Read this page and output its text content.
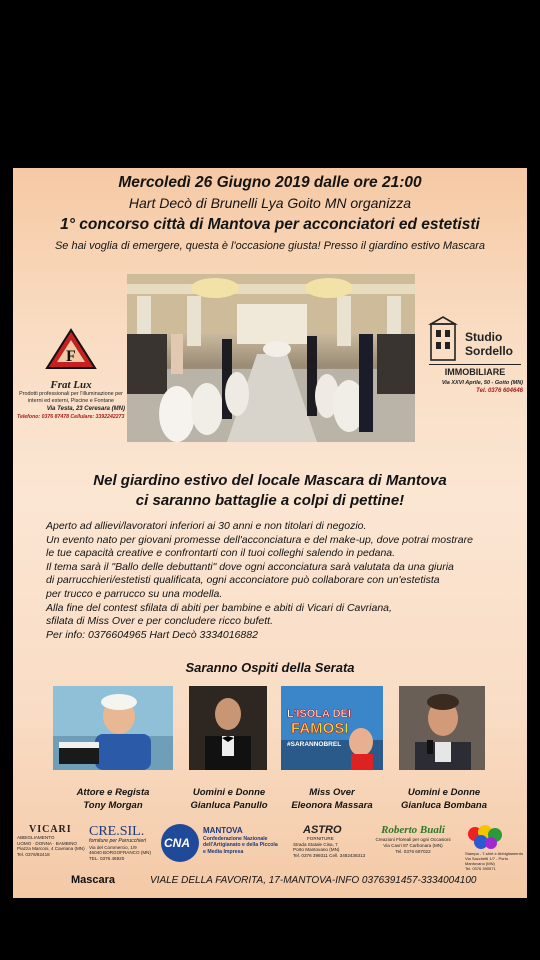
Mercoledì 26 Giugno 2019 dalle ore 21:00
Hart Decò di Brunelli Lya Goito MN organizza
1° concorso città di Mantova per acconciatori ed estetisti
Se hai voglia di emergere, questa è l'occasione giusta! Presso il giardino estivo Mascara
F
Frat Lux
Prodotti professionali per l'illuminazione per
interni ed esterni, Piscine e Fontane
Via Testa, 23 Ceresara (MN)
Telefono: 0376 87478 Cellulare: 3392242273
Studio
Sordello
IMMOBILIARE
Via XXVI Aprile, 50 - Goito (MN)
Tel. 0376 604646
Nel giardino estivo del locale Mascara di Mantova
ci saranno battaglie a colpi di pettine!
Aperto ad allievi/lavoratori inferiori ai 30 anni e non titolari di negozio.
Un evento nato per giovani promesse dell'acconciatura e del make-up, dove potrai mostrare
le tue capacità creative e confrontarti con il tuoi colleghi salendo in pedana.
Il tema sarà il "Ballo delle debuttanti" dove ogni acconciatura sarà valutata da una giuria
di parrucchieri/estetisti qualificata, ogni acconciatore può collaborare con un'estetista
per trucco e parrucco su una modella.
Alla fine del contest sfilata di abiti per bambine e abiti di Vicari di Cavriana,
sfilata di Miss Over e per concludere ricco bufett.
Per info: 0376604965 Hart Decò 3334016882
Saranno Ospiti della Serata
L'ISOLA DEI
FAMOSI
#SARANNOBREL
Attore e Regista
Tony Morgan
Uomini e Donne
Gianluca Panullo
Miss Over
Eleonora Massara
Uomini e Donne
Gianluca Bombana
VICARI
ABBIGLIAMENTO
UOMO · DONNA · BAMBINO
Piazza Marconi, 4 Cavriana (MN)
Tel. 0376/82418
CRE.SIL.
forniture per Parrucchieri
Via del Commercio, 1/9
46040 BORGOFRANCO (MN)
TEL. 0376 46920
CNA
MANTOVA
Confederazione Nazionale
dell'Artigianato e della Piccola
e Media Impresa
ASTRO
FORNITURE
Strada Statale Cisa, 7
Porto Mantovano (MN)
Tel. 0376 399311 Cell. 3482436313
Roberto Buali
Creazioni Floreali per ogni Occasioni
Via Cavri 87 Carbonara (MN)
Tel. 0376 697022	Stampa - T-shirt e Abbigliamento
Via Sacchetti 1/7 - Porto Mantovano (MN)
Tel. 0376 390571
Mascara	VIALE DELLA FAVORITA, 17-MANTOVA-INFO 0376391457-3334004100
